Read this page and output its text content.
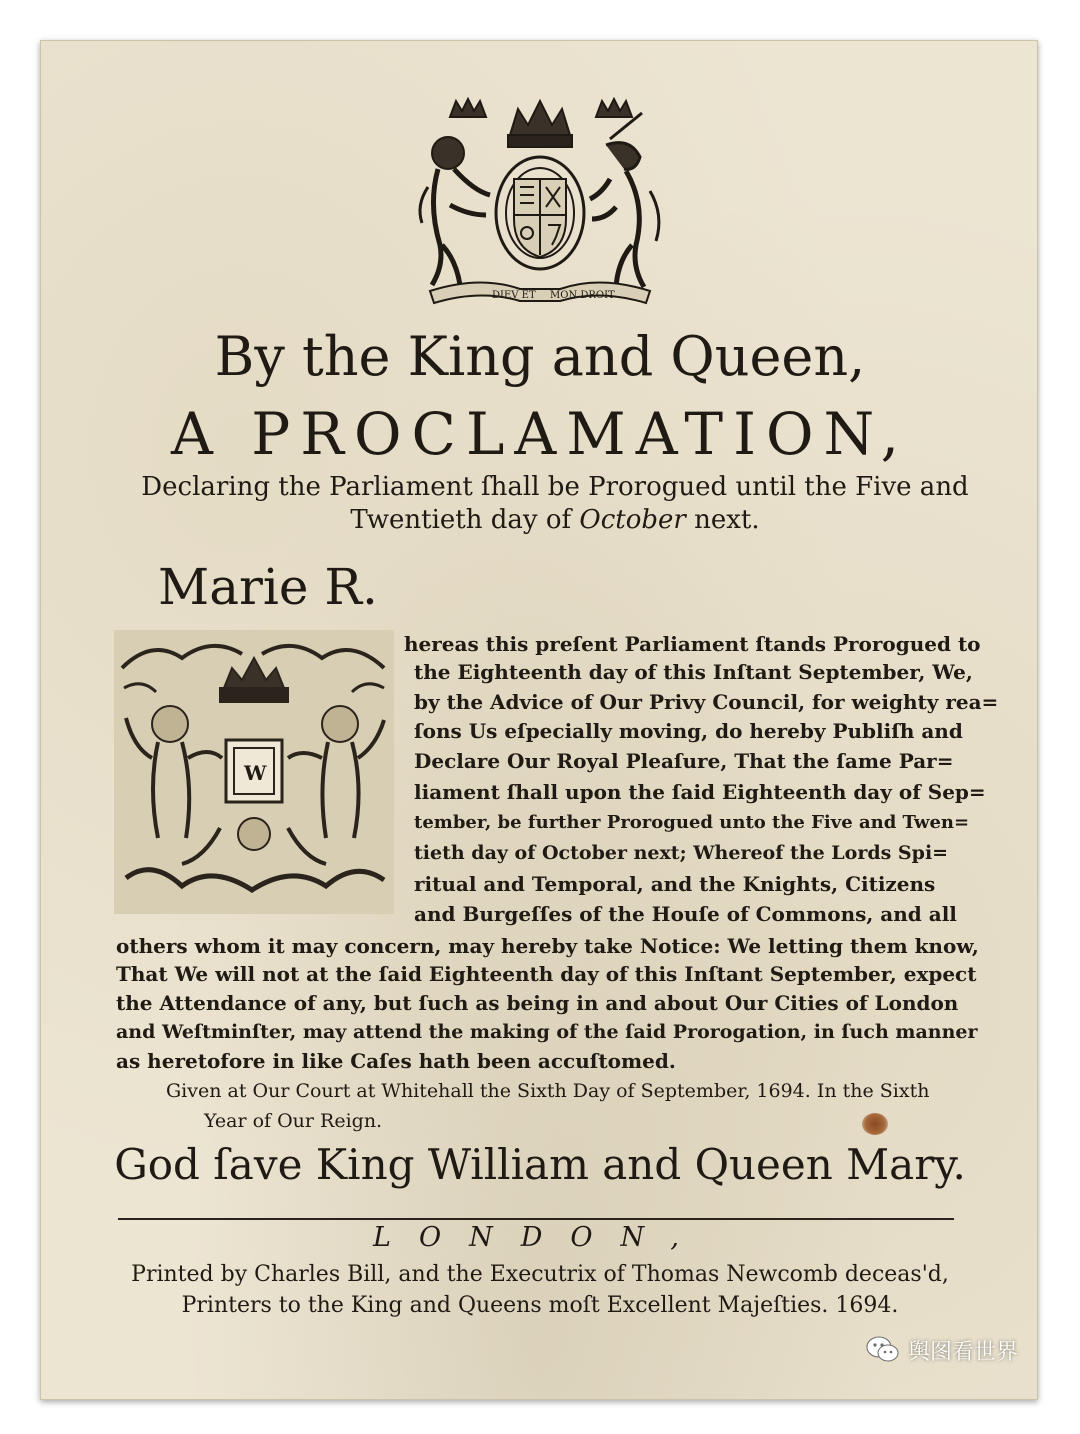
DIEV ET MON DROIT
By the King and Queen,
A PROCLAMATION,
Declaring the Parliament ſhall be Prorogued until the Five and
Twentieth day of October next.
Marie R.
W
hereas this preſent Parliament ſtands Prorogued to
the Eighteenth day of this Inſtant September, We,
by the Advice of Our Privy Council, for weighty rea=
ſons Us eſpecially moving, do hereby Publiſh and
Declare Our Royal Pleaſure, That the ſame Par=
liament ſhall upon the ſaid Eighteenth day of Sep=
tember, be further Prorogued unto the Five and Twen=
tieth day of October next; Whereof the Lords Spi=
ritual and Temporal, and the Knights, Citizens
and Burgeſſes of the Houſe of Commons, and all
others whom it may concern, may hereby take Notice: We letting them know,
That We will not at the ſaid Eighteenth day of this Inſtant September, expect
the Attendance of any, but ſuch as being in and about Our Cities of London
and Weſtminſter, may attend the making of the ſaid Prorogation, in ſuch manner
as heretofore in like Caſes hath been accuſtomed.
Given at Our Court at Whitehall the Sixth Day of September, 1694. In the Sixth
Year of Our Reign.
God ſave King William and Queen Mary.
LONDON,
Printed by Charles Bill, and the Executrix of Thomas Newcomb deceas'd,
Printers to the King and Queens moſt Excellent Majeſties. 1694.
舆图看世界
